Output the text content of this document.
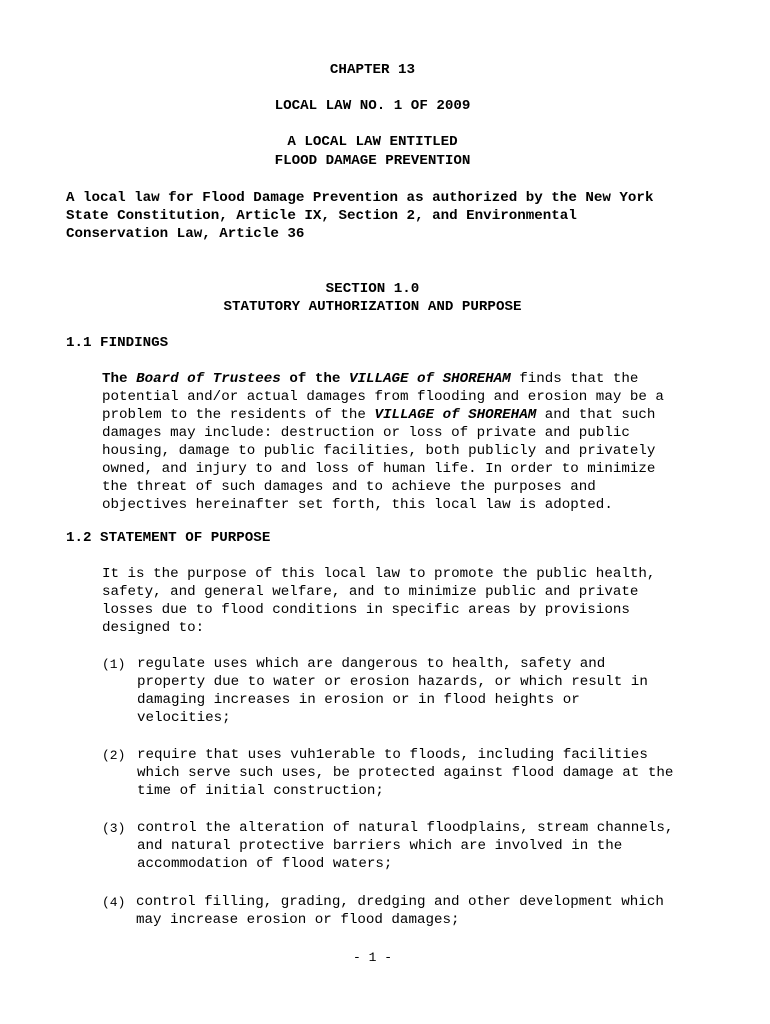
CHAPTER 13
LOCAL LAW NO. 1 OF 2009
A LOCAL LAW ENTITLED
FLOOD DAMAGE PREVENTION
A local law for Flood Damage Prevention as authorized by the New York
State Constitution, Article IX, Section 2, and Environmental
Conservation Law, Article 36
SECTION 1.0
STATUTORY AUTHORIZATION AND PURPOSE
1.1 FINDINGS
The Board of Trustees of the VILLAGE of SHOREHAM finds that the
potential and/or actual damages from flooding and erosion may be a
problem to the residents of the VILLAGE of SHOREHAM and that such
damages may include: destruction or loss of private and public
housing, damage to public facilities, both publicly and privately
owned, and injury to and loss of human life. In order to minimize
the threat of such damages and to achieve the purposes and
objectives hereinafter set forth, this local law is adopted.
1.2 STATEMENT OF PURPOSE
It is the purpose of this local law to promote the public health,
safety, and general welfare, and to minimize public and private
losses due to flood conditions in specific areas by provisions
designed to:
(1) regulate uses which are dangerous to health, safety and
property due to water or erosion hazards, or which result in
damaging increases in erosion or in flood heights or
velocities;
(2) require that uses vuh1erable to floods, including facilities
which serve such uses, be protected against flood damage at the
time of initial construction;
(3) control the alteration of natural floodplains, stream channels,
and natural protective barriers which are involved in the
accommodation of flood waters;
(4) control filling, grading, dredging and other development which
may increase erosion or flood damages;
- 1 -
